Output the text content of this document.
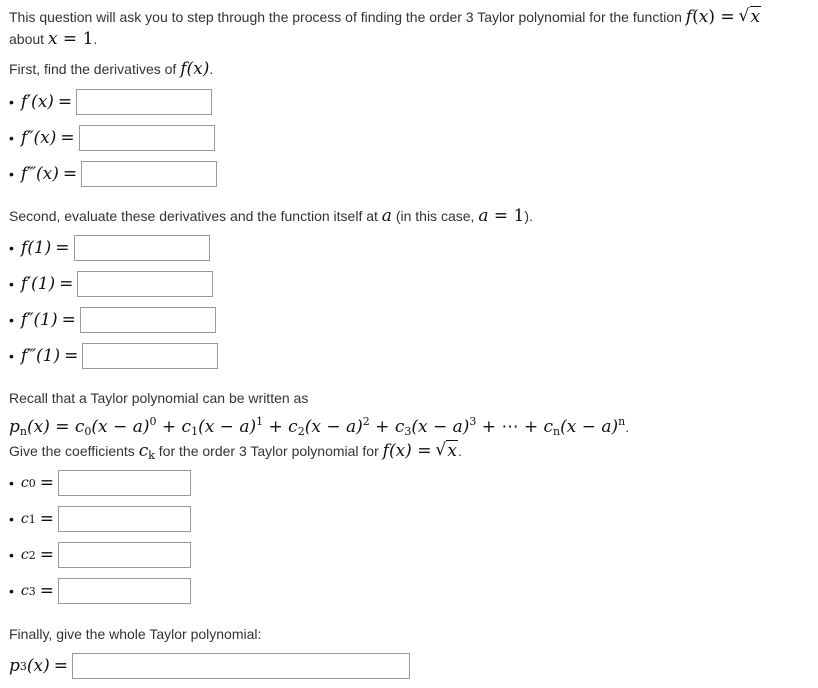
This question will ask you to step through the process of finding the order 3 Taylor polynomial for the function f(x) = √ x
about x = 1.
First, find the derivatives of f(x).
• f′(x) =
• f″(x) =
• f‴(x) =
Second, evaluate these derivatives and the function itself at a (in this case, a = 1).
• f(1) =
• f′(1) =
• f″(1) =
• f‴(1) =
Recall that a Taylor polynomial can be written as
$p_n(x) = c_0(x - a)^0 + c_1(x - a)^1 + c_2(x - a)^2 + c_3(x - a)^3$ + ⋯ + $c_n(x - a)^n$.
Give the coefficients $c_k$ for the order 3 Taylor polynomial for f(x) = √ x.
• c 0 =
• c 1 =
• c 2 =
• c 3 =
Finally, give the whole Taylor polynomial:
p 3 (x) =
